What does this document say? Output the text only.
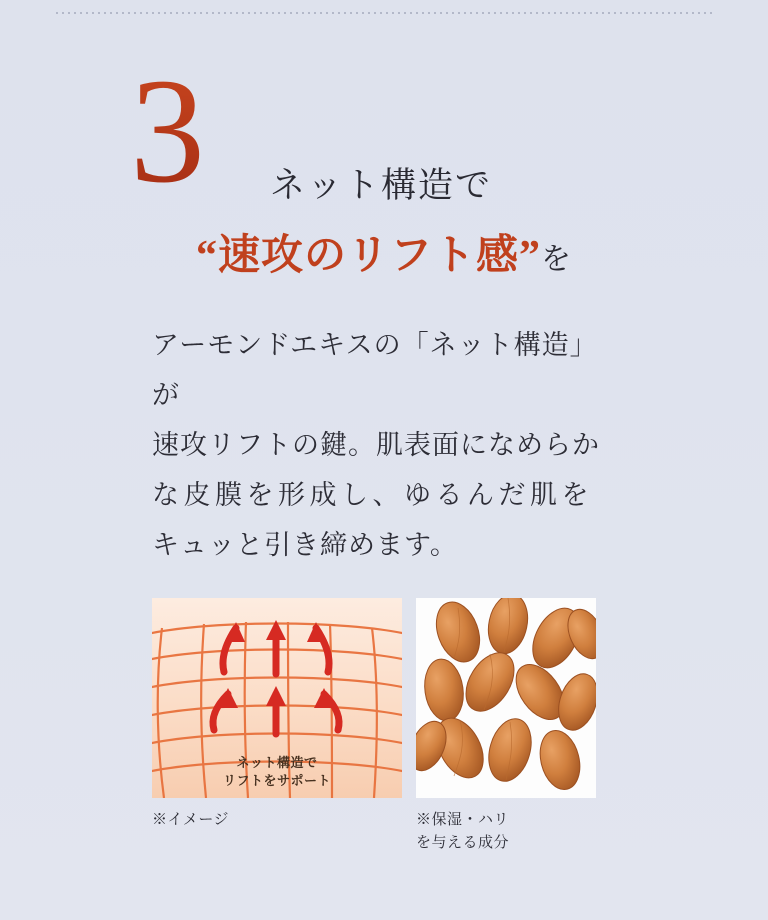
3 ネット構造で
“速攻のリフト感”を

アーモンドエキスの「ネット構造」が

速攻リフトの鍵。肌表面になめらか

な皮膜を形成し、ゆるんだ肌を

キュッと引き締めます。

ネット構造で
リフトをサポート
※イメージ	※保湿・ハリ
を与える成分
